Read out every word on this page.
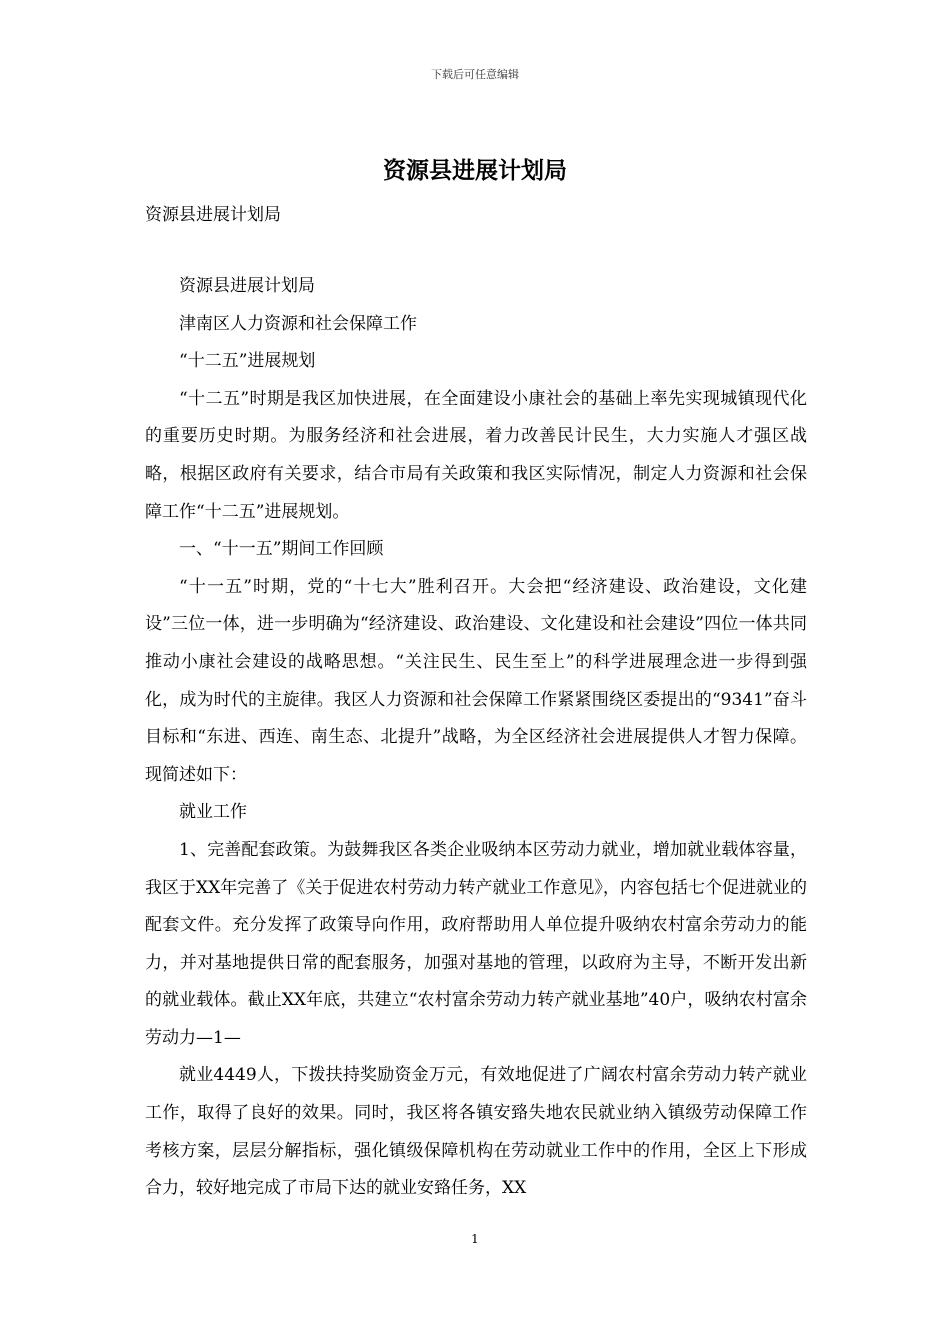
下载后可任意编辑
资源县进展计划局
资源县进展计划局

资源县进展计划局

津南区人力资源和社会保障工作

“十二五”进展规划

“十二五”时期是我区加快进展，在全面建设小康社会的基础上率先实现城镇现代化的重要历史时期。为服务经济和社会进展，着力改善民计民生，大力实施人才强区战略，根据区政府有关要求，结合市局有关政策和我区实际情况，制定人力资源和社会保障工作“十二五”进展规划。

一、“十一五”期间工作回顾

“十一五”时期，党的“十七大”胜利召开。大会把“经济建设、政治建设，文化建设”三位一体，进一步明确为“经济建设、政治建设、文化建设和社会建设”四位一体共同推动小康社会建设的战略思想。“关注民生、民生至上”的科学进展理念进一步得到强化，成为时代的主旋律。我区人力资源和社会保障工作紧紧围绕区委提出的“9341”奋斗目标和“东进、西连、南生态、北提升”战略，为全区经济社会进展提供人才智力保障。现简述如下：

就业工作

1、完善配套政策。为鼓舞我区各类企业吸纳本区劳动力就业，增加就业载体容量，我区于XX年完善了《关于促进农村劳动力转产就业工作意见》，内容包括七个促进就业的配套文件。充分发挥了政策导向作用，政府帮助用人单位提升吸纳农村富余劳动力的能力，并对基地提供日常的配套服务，加强对基地的管理，以政府为主导，不断开发出新的就业载体。截止XX年底，共建立“农村富余劳动力转产就业基地”40户，吸纳农村富余劳动力—1—

就业4449人，下拨扶持奖励资金万元，有效地促进了广阔农村富余劳动力转产就业工作，取得了良好的效果。同时，我区将各镇安臵失地农民就业纳入镇级劳动保障工作考核方案，层层分解指标，强化镇级保障机构在劳动就业工作中的作用，全区上下形成合力，较好地完成了市局下达的就业安臵任务，XX

1
